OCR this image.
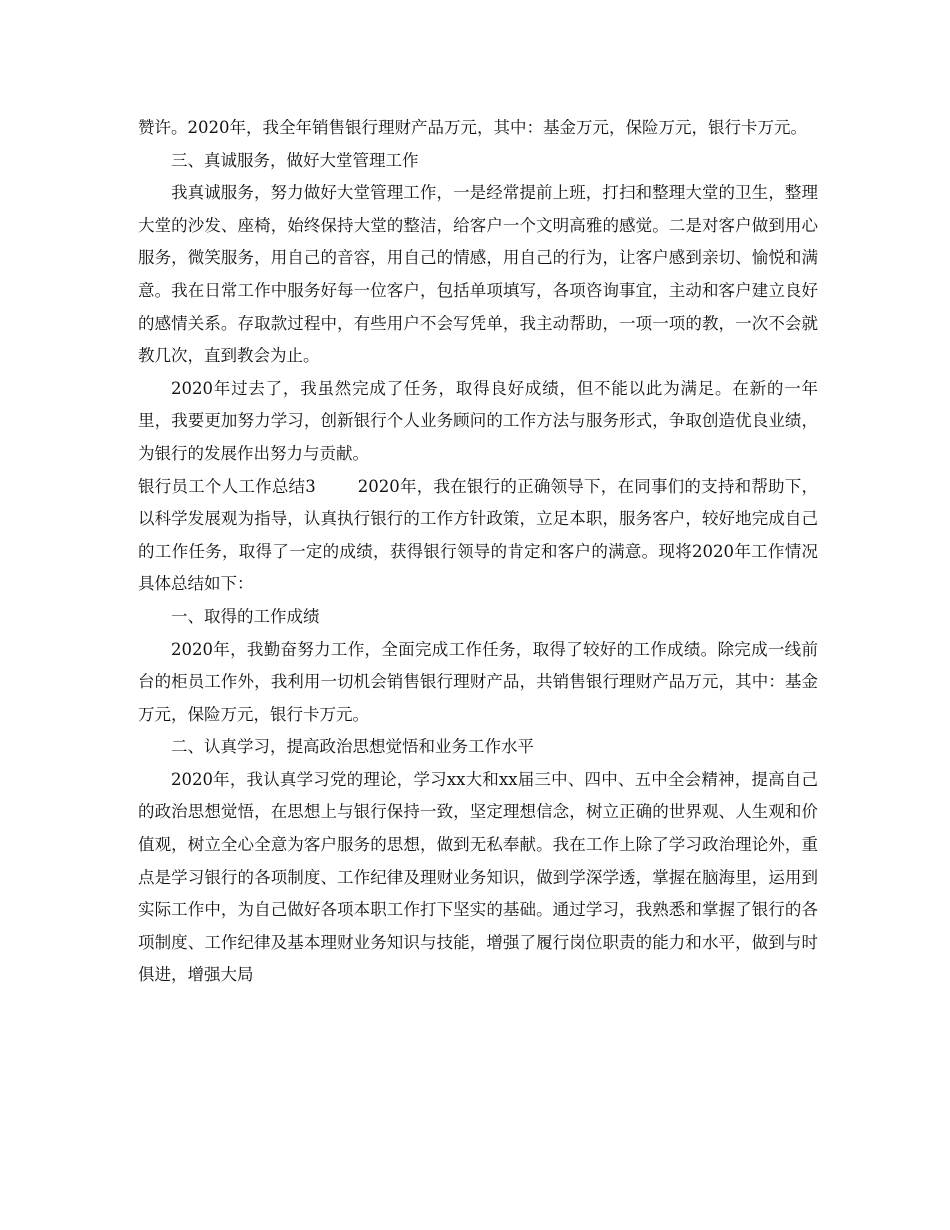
赞许。2020年，我全年销售银行理财产品万元，其中：基金万元，保险万元，银行卡万元。

三、真诚服务，做好大堂管理工作

我真诚服务，努力做好大堂管理工作，一是经常提前上班，打扫和整理大堂的卫生，整理大堂的沙发、座椅，始终保持大堂的整洁，给客户一个文明高雅的感觉。二是对客户做到用心服务，微笑服务，用自己的音容，用自己的情感，用自己的行为，让客户感到亲切、愉悦和满意。我在日常工作中服务好每一位客户，包括单项填写，各项咨询事宜，主动和客户建立良好的感情关系。存取款过程中，有些用户不会写凭单，我主动帮助，一项一项的教，一次不会就教几次，直到教会为止。

2020年过去了，我虽然完成了任务，取得良好成绩，但不能以此为满足。在新的一年里，我要更加努力学习，创新银行个人业务顾问的工作方法与服务形式，争取创造优良业绩，为银行的发展作出努力与贡献。

银行员工个人工作总结3	2020年，我在银行的正确领导下，在同事们的支持和帮助下，以科学发展观为指导，认真执行银行的工作方针政策，立足本职，服务客户，较好地完成自己的工作任务，取得了一定的成绩，获得银行领导的肯定和客户的满意。现将2020年工作情况具体总结如下：

一、取得的工作成绩

2020年，我勤奋努力工作，全面完成工作任务，取得了较好的工作成绩。除完成一线前台的柜员工作外，我利用一切机会销售银行理财产品，共销售银行理财产品万元，其中：基金万元，保险万元，银行卡万元。

二、认真学习，提高政治思想觉悟和业务工作水平

2020年，我认真学习党的理论，学习xx大和xx届三中、四中、五中全会精神，提高自己的政治思想觉悟，在思想上与银行保持一致，坚定理想信念，树立正确的世界观、人生观和价值观，树立全心全意为客户服务的思想，做到无私奉献。我在工作上除了学习政治理论外，重点是学习银行的各项制度、工作纪律及理财业务知识，做到学深学透，掌握在脑海里，运用到实际工作中，为自己做好各项本职工作打下坚实的基础。通过学习，我熟悉和掌握了银行的各项制度、工作纪律及基本理财业务知识与技能，增强了履行岗位职责的能力和水平，做到与时俱进，增强大局
